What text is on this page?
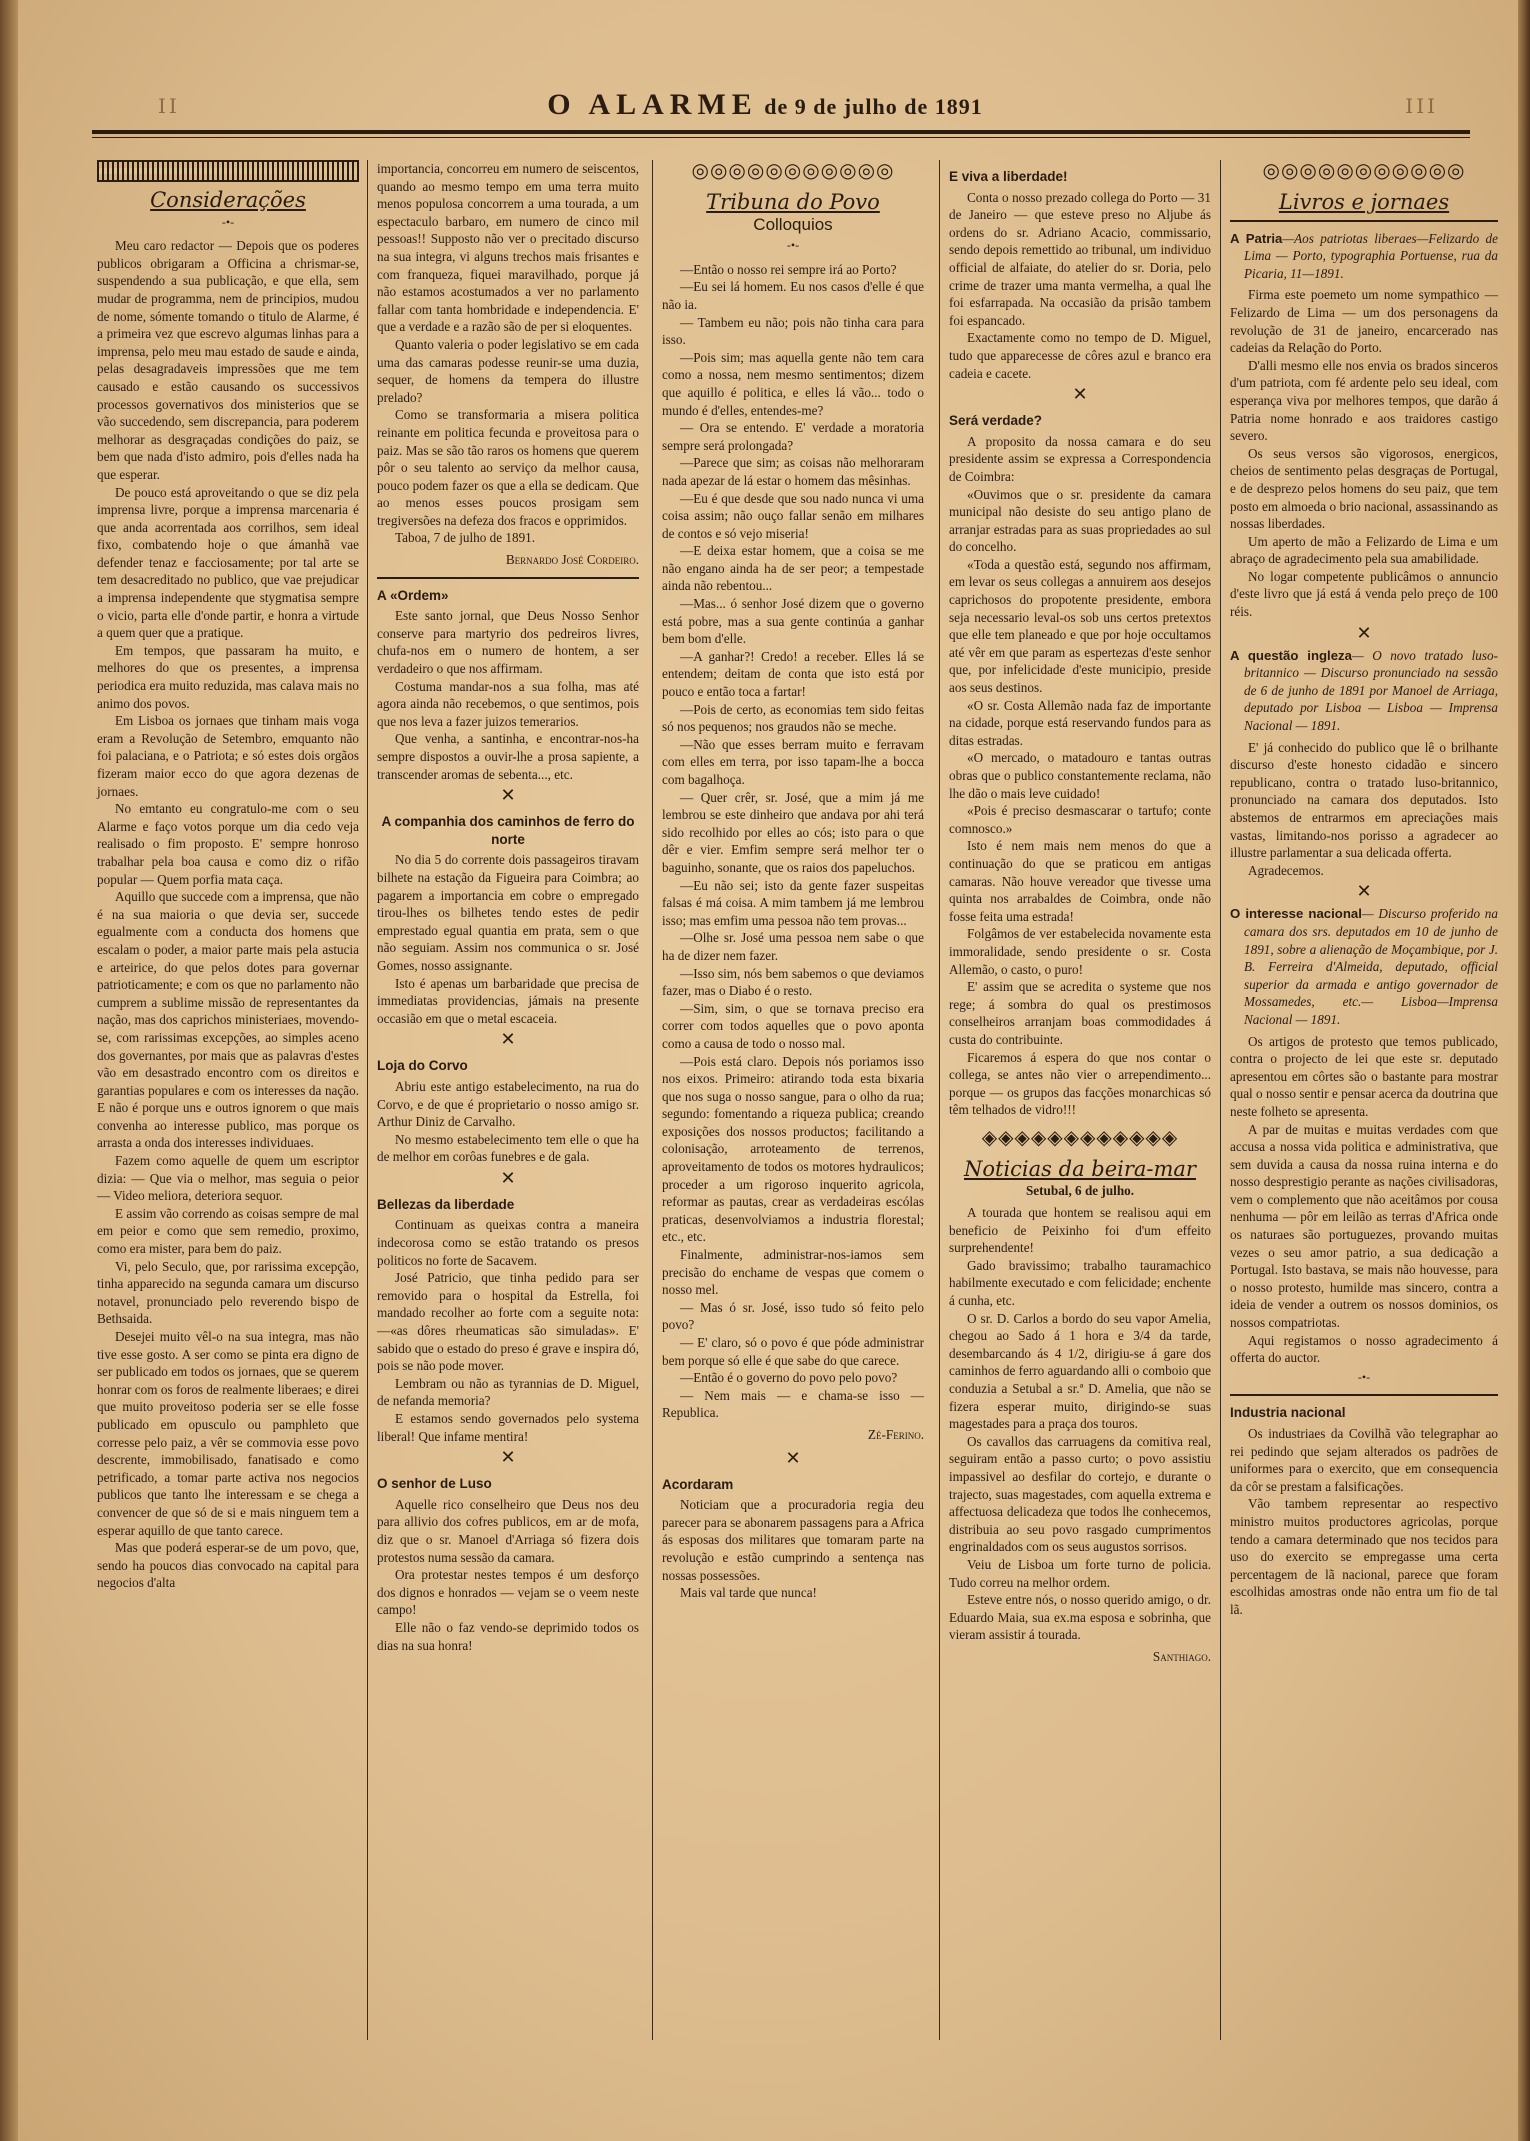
II	O ALARME de 9 de julho de 1891	III
Considerações
-•-

Meu caro redactor — Depois que os poderes publicos obrigaram a Officina a chrismar-se, suspendendo a sua publicação, e que ella, sem mudar de programma, nem de principios, mudou de nome, sómente tomando o titulo de Alarme, é a primeira vez que escrevo algumas linhas para a imprensa, pelo meu mau estado de saude e ainda, pelas desagradaveis impressões que me tem causado e estão causando os successivos processos governativos dos ministerios que se vão succedendo, sem discrepancia, para poderem melhorar as desgraçadas condições do paiz, se bem que nada d'isto admiro, pois d'elles nada ha que esperar.

De pouco está aproveitando o que se diz pela imprensa livre, porque a imprensa marcenaria é que anda acorrentada aos corrilhos, sem ideal fixo, combatendo hoje o que ámanhã vae defender tenaz e facciosamente; por tal arte se tem desacreditado no publico, que vae prejudicar a imprensa independente que stygmatisa sempre o vicio, parta elle d'onde partir, e honra a virtude a quem quer que a pratique.

Em tempos, que passaram ha muito, e melhores do que os presentes, a imprensa periodica era muito reduzida, mas calava mais no animo dos povos.

Em Lisboa os jornaes que tinham mais voga eram a Revolução de Setembro, emquanto não foi palaciana, e o Patriota; e só estes dois orgãos fizeram maior ecco do que agora dezenas de jornaes.

No emtanto eu congratulo-me com o seu Alarme e faço votos porque um dia cedo veja realisado o fim proposto. E' sempre honroso trabalhar pela boa causa e como diz o rifão popular — Quem porfia mata caça.

Aquillo que succede com a imprensa, que não é na sua maioria o que devia ser, succede egualmente com a conducta dos homens que escalam o poder, a maior parte mais pela astucia e arteirice, do que pelos dotes para governar patrioticamente; e com os que no parlamento não cumprem a sublime missão de representantes da nação, mas dos caprichos ministeriaes, movendo-se, com rarissimas excepções, ao simples aceno dos governantes, por mais que as palavras d'estes vão em desastrado encontro com os direitos e garantias populares e com os interesses da nação. E não é porque uns e outros ignorem o que mais convenha ao interesse publico, mas porque os arrasta a onda dos interesses individuaes.

Fazem como aquelle de quem um escriptor dizia: — Que via o melhor, mas seguia o peior — Video meliora, deteriora sequor.

E assim vão correndo as coisas sempre de mal em peior e como que sem remedio, proximo, como era mister, para bem do paiz.

Vi, pelo Seculo, que, por rarissima excepção, tinha apparecido na segunda camara um discurso notavel, pronunciado pelo reverendo bispo de Bethsaida.

Desejei muito vêl-o na sua integra, mas não tive esse gosto. A ser como se pinta era digno de ser publicado em todos os jornaes, que se querem honrar com os foros de realmente liberaes; e direi que muito proveitoso poderia ser se elle fosse publicado em opusculo ou pamphleto que corresse pelo paiz, a vêr se commovia esse povo descrente, immobilisado, fanatisado e como petrificado, a tomar parte activa nos negocios publicos que tanto lhe interessam e se chega a convencer de que só de si e mais ninguem tem a esperar aquillo de que tanto carece.

Mas que poderá esperar-se de um povo, que, sendo ha poucos dias convocado na capital para negocios d'alta

importancia, concorreu em numero de seiscentos, quando ao mesmo tempo em uma terra muito menos populosa concorrem a uma tourada, a um espectaculo barbaro, em numero de cinco mil pessoas!! Supposto não ver o precitado discurso na sua integra, vi alguns trechos mais frisantes e com franqueza, fiquei maravilhado, porque já não estamos acostumados a ver no parlamento fallar com tanta hombridade e independencia. E' que a verdade e a razão são de per si eloquentes.

Quanto valeria o poder legislativo se em cada uma das camaras podesse reunir-se uma duzia, sequer, de homens da tempera do illustre prelado?

Como se transformaria a misera politica reinante em politica fecunda e proveitosa para o paiz. Mas se são tão raros os homens que querem pôr o seu talento ao serviço da melhor causa, pouco podem fazer os que a ella se dedicam. Que ao menos esses poucos prosigam sem tregiversões na defeza dos fracos e opprimidos.

Taboa, 7 de julho de 1891.

Bernardo José Cordeiro.
A «Ordem»

Este santo jornal, que Deus Nosso Senhor conserve para martyrio dos pedreiros livres, chufa-nos em o numero de hontem, a ser verdadeiro o que nos affirmam.

Costuma mandar-nos a sua folha, mas até agora ainda não recebemos, o que sentimos, pois que nos leva a fazer juizos temerarios.

Que venha, a santinha, e encontrar-nos-ha sempre dispostos a ouvir-lhe a prosa sapiente, a transcender aromas de sebenta..., etc.

✕
A companhia dos caminhos de ferro do norte

No dia 5 do corrente dois passageiros tiravam bilhete na estação da Figueira para Coimbra; ao pagarem a importancia em cobre o empregado tirou-lhes os bilhetes tendo estes de pedir emprestado egual quantia em prata, sem o que não seguiam. Assim nos communica o sr. José Gomes, nosso assignante.

Isto é apenas um barbaridade que precisa de immediatas providencias, jámais na presente occasião em que o metal escaceia.

✕
Loja do Corvo

Abriu este antigo estabelecimento, na rua do Corvo, e de que é proprietario o nosso amigo sr. Arthur Diniz de Carvalho.

No mesmo estabelecimento tem elle o que ha de melhor em corôas funebres e de gala.

✕
Bellezas da liberdade

Continuam as queixas contra a maneira indecorosa como se estão tratando os presos politicos no forte de Sacavem.

José Patricio, que tinha pedido para ser removido para o hospital da Estrella, foi mandado recolher ao forte com a seguite nota: —«as dôres rheumaticas são simuladas». E' sabido que o estado do preso é grave e inspira dó, pois se não pode mover.

Lembram ou não as tyrannias de D. Miguel, de nefanda memoria?

E estamos sendo governados pelo systema liberal! Que infame mentira!

✕
O senhor de Luso

Aquelle rico conselheiro que Deus nos deu para allivio dos cofres publicos, em ar de mofa, diz que o sr. Manoel d'Arriaga só fizera dois protestos numa sessão da camara.

Ora protestar nestes tempos é um desforço dos dignos e honrados — vejam se o veem neste campo!

Elle não o faz vendo-se deprimido todos os dias na sua honra!

◎◎◎◎◎◎◎◎◎◎◎
Tribuna do Povo
Colloquios
-•-

—Então o nosso rei sempre irá ao Porto?

—Eu sei lá homem. Eu nos casos d'elle é que não ia.

— Tambem eu não; pois não tinha cara para isso.

—Pois sim; mas aquella gente não tem cara como a nossa, nem mesmo sentimentos; dizem que aquillo é politica, e elles lá vão... todo o mundo é d'elles, entendes-me?

— Ora se entendo. E' verdade a moratoria sempre será prolongada?

—Parece que sim; as coisas não melhoraram nada apezar de lá estar o homem das mêsinhas.

—Eu é que desde que sou nado nunca vi uma coisa assim; não ouço fallar senão em milhares de contos e só vejo miseria!

—E deixa estar homem, que a coisa se me não engano ainda ha de ser peor; a tempestade ainda não rebentou...

—Mas... ó senhor José dizem que o governo está pobre, mas a sua gente continúa a ganhar bem bom d'elle.

—A ganhar?! Credo! a receber. Elles lá se entendem; deitam de conta que isto está por pouco e então toca a fartar!

—Pois de certo, as economias tem sido feitas só nos pequenos; nos graudos não se meche.

—Não que esses berram muito e ferravam com elles em terra, por isso tapam-lhe a bocca com bagalhoça.

— Quer crêr, sr. José, que a mim já me lembrou se este dinheiro que andava por ahi terá sido recolhido por elles ao cós; isto para o que dêr e vier. Emfim sempre será melhor ter o baguinho, sonante, que os raios dos papeluchos.

—Eu não sei; isto da gente fazer suspeitas falsas é má coisa. A mim tambem já me lembrou isso; mas emfim uma pessoa não tem provas...

—Olhe sr. José uma pessoa nem sabe o que ha de dizer nem fazer.

—Isso sim, nós bem sabemos o que deviamos fazer, mas o Diabo é o resto.

—Sim, sim, o que se tornava preciso era correr com todos aquelles que o povo aponta como a causa de todo o nosso mal.

—Pois está claro. Depois nós poriamos isso nos eixos. Primeiro: atirando toda esta bixaria que nos suga o nosso sangue, para o olho da rua; segundo: fomentando a riqueza publica; creando exposições dos nossos productos; facilitando a colonisação, arroteamento de terrenos, aproveitamento de todos os motores hydraulicos; proceder a um rigoroso inquerito agricola, reformar as pautas, crear as verdadeiras escólas praticas, desenvolviamos a industria florestal; etc., etc.

Finalmente, administrar-nos-iamos sem precisão do enchame de vespas que comem o nosso mel.

— Mas ó sr. José, isso tudo só feito pelo povo?

— E' claro, só o povo é que póde administrar bem porque só elle é que sabe do que carece.

—Então é o governo do povo pelo povo?

— Nem mais — e chama-se isso — Republica.

Zé-Ferino.
✕
Acordaram

Noticiam que a procuradoria regia deu parecer para se abonarem passagens para a Africa ás esposas dos militares que tomaram parte na revolução e estão cumprindo a sentença nas nossas possessões.

Mais val tarde que nunca!

E viva a liberdade!

Conta o nosso prezado collega do Porto — 31 de Janeiro — que esteve preso no Aljube ás ordens do sr. Adriano Acacio, commissario, sendo depois remettido ao tribunal, um individuo official de alfaiate, do atelier do sr. Doria, pelo crime de trazer uma manta vermelha, a qual lhe foi esfarrapada. Na occasião da prisão tambem foi espancado.

Exactamente como no tempo de D. Miguel, tudo que apparecesse de côres azul e branco era cadeia e cacete.

✕
Será verdade?

A proposito da nossa camara e do seu presidente assim se expressa a Correspondencia de Coimbra:

«Ouvimos que o sr. presidente da camara municipal não desiste do seu antigo plano de arranjar estradas para as suas propriedades ao sul do concelho.

«Toda a questão está, segundo nos affirmam, em levar os seus collegas a annuirem aos desejos caprichosos do propotente presidente, embora seja necessario leval-os sob uns certos pretextos que elle tem planeado e que por hoje occultamos até vêr em que param as espertezas d'este senhor que, por infelicidade d'este municipio, preside aos seus destinos.

«O sr. Costa Allemão nada faz de importante na cidade, porque está reservando fundos para as ditas estradas.

«O mercado, o matadouro e tantas outras obras que o publico constantemente reclama, não lhe dão o mais leve cuidado!

«Pois é preciso desmascarar o tartufo; conte comnosco.»

Isto é nem mais nem menos do que a continuação do que se praticou em antigas camaras. Não houve vereador que tivesse uma quinta nos arrabaldes de Coimbra, onde não fosse feita uma estrada!

Folgâmos de ver estabelecida novamente esta immoralidade, sendo presidente o sr. Costa Allemão, o casto, o puro!

E' assim que se acredita o systeme que nos rege; á sombra do qual os prestimosos conselheiros arranjam boas commodidades á custa do contribuinte.

Ficaremos á espera do que nos contar o collega, se antes não vier o arrependimento... porque — os grupos das facções monarchicas só têm telhados de vidro!!!

◈◈◈◈◈◈◈◈◈◈◈◈
Noticias da beira-mar
Setubal, 6 de julho.

A tourada que hontem se realisou aqui em beneficio de Peixinho foi d'um effeito surprehendente!

Gado bravissimo; trabalho tauramachico habilmente executado e com felicidade; enchente á cunha, etc.

O sr. D. Carlos a bordo do seu vapor Amelia, chegou ao Sado á 1 hora e 3/4 da tarde, desembarcando ás 4 1/2, dirigiu-se á gare dos caminhos de ferro aguardando alli o comboio que conduzia a Setubal a sr.ª D. Amelia, que não se fizera esperar muito, dirigindo-se suas magestades para a praça dos touros.

Os cavallos das carruagens da comitiva real, seguiram então a passo curto; o povo assistiu impassivel ao desfilar do cortejo, e durante o trajecto, suas magestades, com aquella extrema e affectuosa delicadeza que todos lhe conhecemos, distribuia ao seu povo rasgado cumprimentos engrinaldados com os seus augustos sorrisos.

Veiu de Lisboa um forte turno de policia. Tudo correu na melhor ordem.

Esteve entre nós, o nosso querido amigo, o dr. Eduardo Maia, sua ex.ma esposa e sobrinha, que vieram assistir á tourada.

Santhiago.
◎◎◎◎◎◎◎◎◎◎◎
Livros e jornaes
A Patria—Aos patriotas liberaes—Felizardo de Lima — Porto, typographia Portuense, rua da Picaria, 11—1891.

Firma este poemeto um nome sympathico — Felizardo de Lima — um dos personagens da revolução de 31 de janeiro, encarcerado nas cadeias da Relação do Porto.

D'alli mesmo elle nos envia os brados sinceros d'um patriota, com fé ardente pelo seu ideal, com esperança viva por melhores tempos, que darão á Patria nome honrado e aos traidores castigo severo.

Os seus versos são vigorosos, energicos, cheios de sentimento pelas desgraças de Portugal, e de desprezo pelos homens do seu paiz, que tem posto em almoeda o brio nacional, assassinando as nossas liberdades.

Um aperto de mão a Felizardo de Lima e um abraço de agradecimento pela sua amabilidade.

No logar competente publicâmos o annuncio d'este livro que já está á venda pelo preço de 100 réis.

✕
A questão ingleza— O novo tratado luso-britannico — Discurso pronunciado na sessão de 6 de junho de 1891 por Manoel de Arriaga, deputado por Lisboa — Lisboa — Imprensa Nacional — 1891.

E' já conhecido do publico que lê o brilhante discurso d'este honesto cidadão e sincero republicano, contra o tratado luso-britannico, pronunciado na camara dos deputados. Isto abstemos de entrarmos em apreciações mais vastas, limitando-nos porisso a agradecer ao illustre parlamentar a sua delicada offerta.

Agradecemos.

✕
O interesse nacional— Discurso proferido na camara dos srs. deputados em 10 de junho de 1891, sobre a alienação de Moçambique, por J. B. Ferreira d'Almeida, deputado, official superior da armada e antigo governador de Mossamedes, etc.— Lisboa—Imprensa Nacional — 1891.

Os artigos de protesto que temos publicado, contra o projecto de lei que este sr. deputado apresentou em côrtes são o bastante para mostrar qual o nosso sentir e pensar acerca da doutrina que neste folheto se apresenta.

A par de muitas e muitas verdades com que accusa a nossa vida politica e administrativa, que sem duvida a causa da nossa ruina interna e do nosso desprestigio perante as nações civilisadoras, vem o complemento que não aceitâmos por cousa nenhuma — pôr em leilão as terras d'Africa onde os naturaes são portuguezes, provando muitas vezes o seu amor patrio, a sua dedicação a Portugal. Isto bastava, se mais não houvesse, para o nosso protesto, humilde mas sincero, contra a ideia de vender a outrem os nossos dominios, os nossos compatriotas.

Aqui registamos o nosso agradecimento á offerta do auctor.

-•-
Industria nacional

Os industriaes da Covilhã vão telegraphar ao rei pedindo que sejam alterados os padrões de uniformes para o exercito, que em consequencia da côr se prestam a falsificações.

Vão tambem representar ao respectivo ministro muitos productores agricolas, porque tendo a camara determinado que nos tecidos para uso do exercito se empregasse uma certa percentagem de lã nacional, parece que foram escolhidas amostras onde não entra um fio de tal lã.
